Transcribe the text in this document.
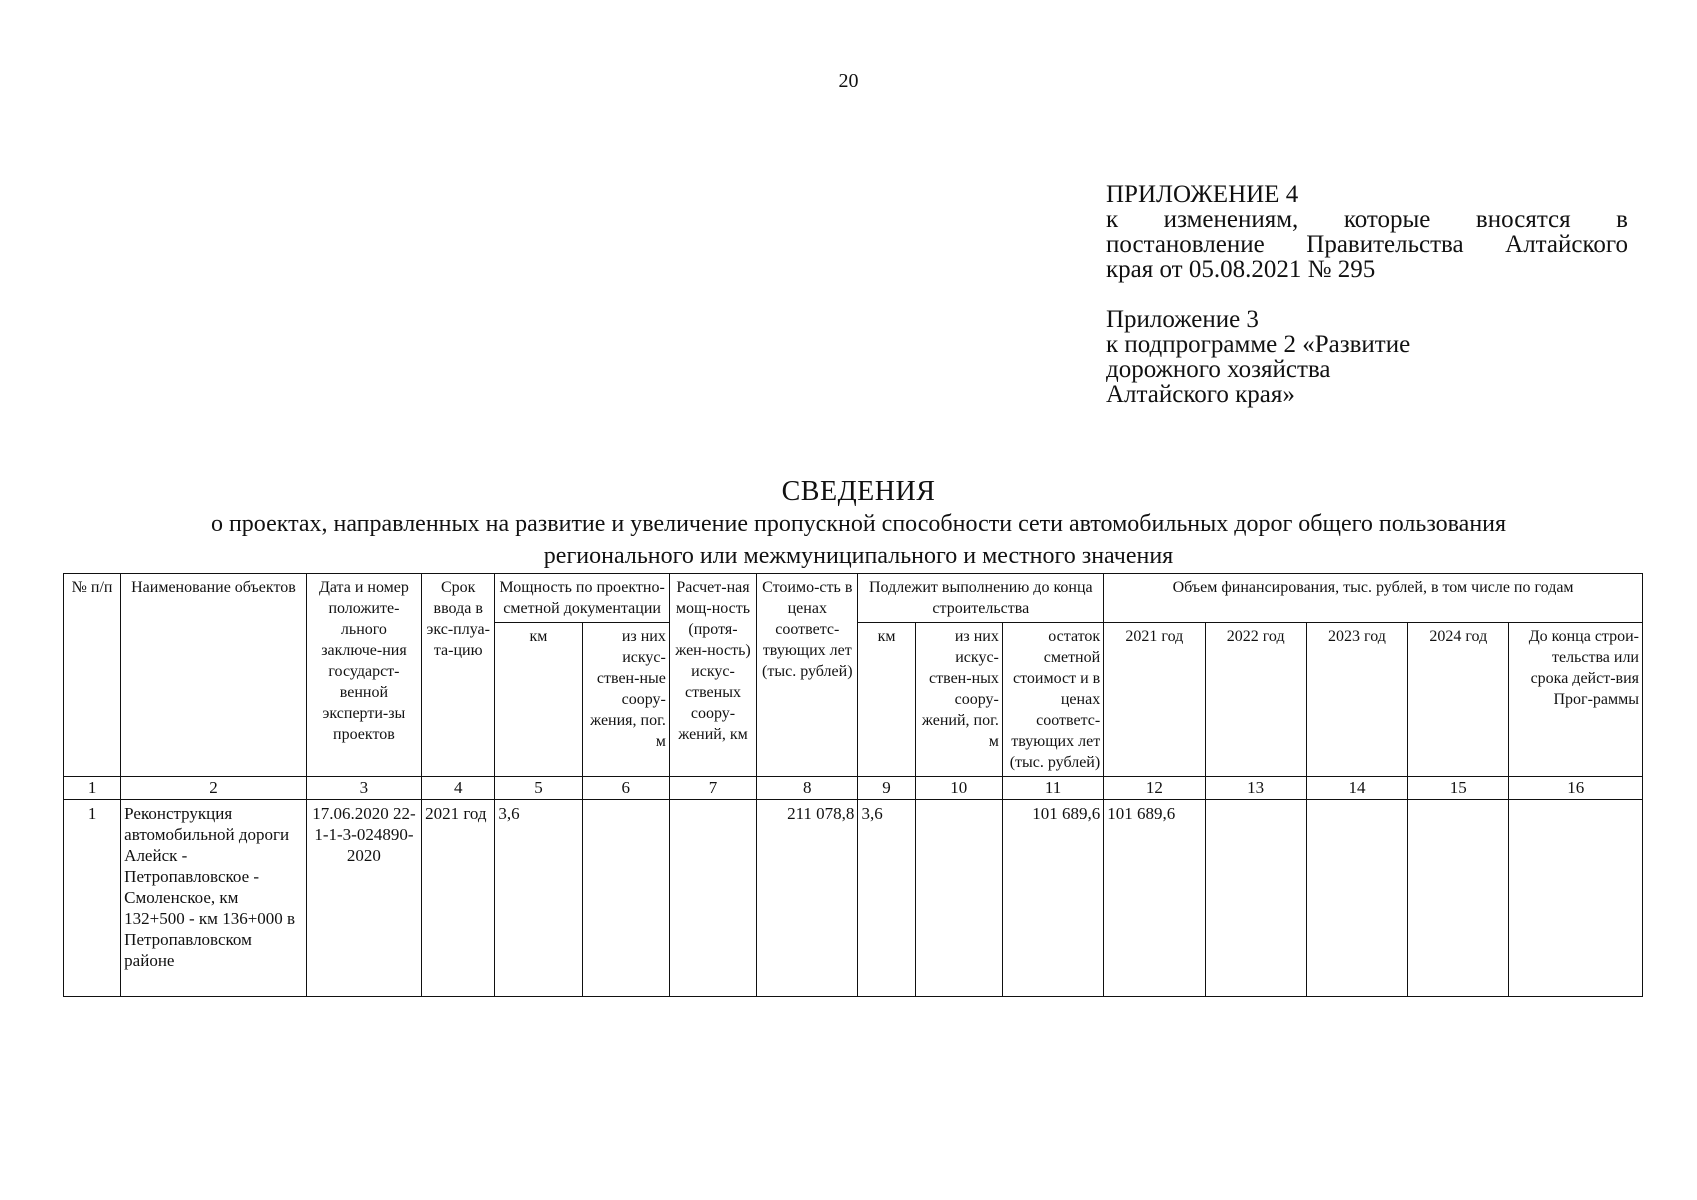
20

ПРИЛОЖЕНИЕ 4

к изменениям, которые вносятся в

постановление Правительства Алтайского

края от 05.08.2021 № 295

Приложение 3

к подпрограмме 2 «Развитие

дорожного хозяйства

Алтайского края»

СВЕДЕНИЯ
о проектах, направленных на развитие и увеличение пропускной способности сети автомобильных дорог общего пользования регионального или межмуниципального и местного значения
№ п/п	Наименование объектов	Дата и номер положите-льного заключе-ния государст-венной эксперти-зы проектов	Срок ввода в экс-плуа-та-цию	Мощность по проектно-сметной документации		Расчет-ная мощ-ность (протя-жен-ность) искус-ственых соору-жений, км	Стоимо-сть в ценах соответс-твующих лет (тыс. рублей)	Подлежит выполнению до конца строительства			Объем финансирования, тыс. рублей, в том числе по годам				
				км	из них искус-ствен-ные соору-жения, пог. м			км	из них искус-ствен-ных соору-жений, пог. м	остаток сметной стоимост и в ценах соответс-твующих лет (тыс. рублей)	2021 год	2022 год	2023 год	2024 год	До конца строи-тельства или срока дейст-вия Прог-раммы
1	2	3	4	5	6	7	8	9	10	11	12	13	14	15	16
1	Реконструкция автомобильной дороги Алейск - Петропавловское - Смоленское, км 132+500 - км 136+000 в Петропавловском районе	17.06.2020 22-1-1-3-024890-2020	2021 год	3,6			211 078,8	3,6		101 689,6	101 689,6				
